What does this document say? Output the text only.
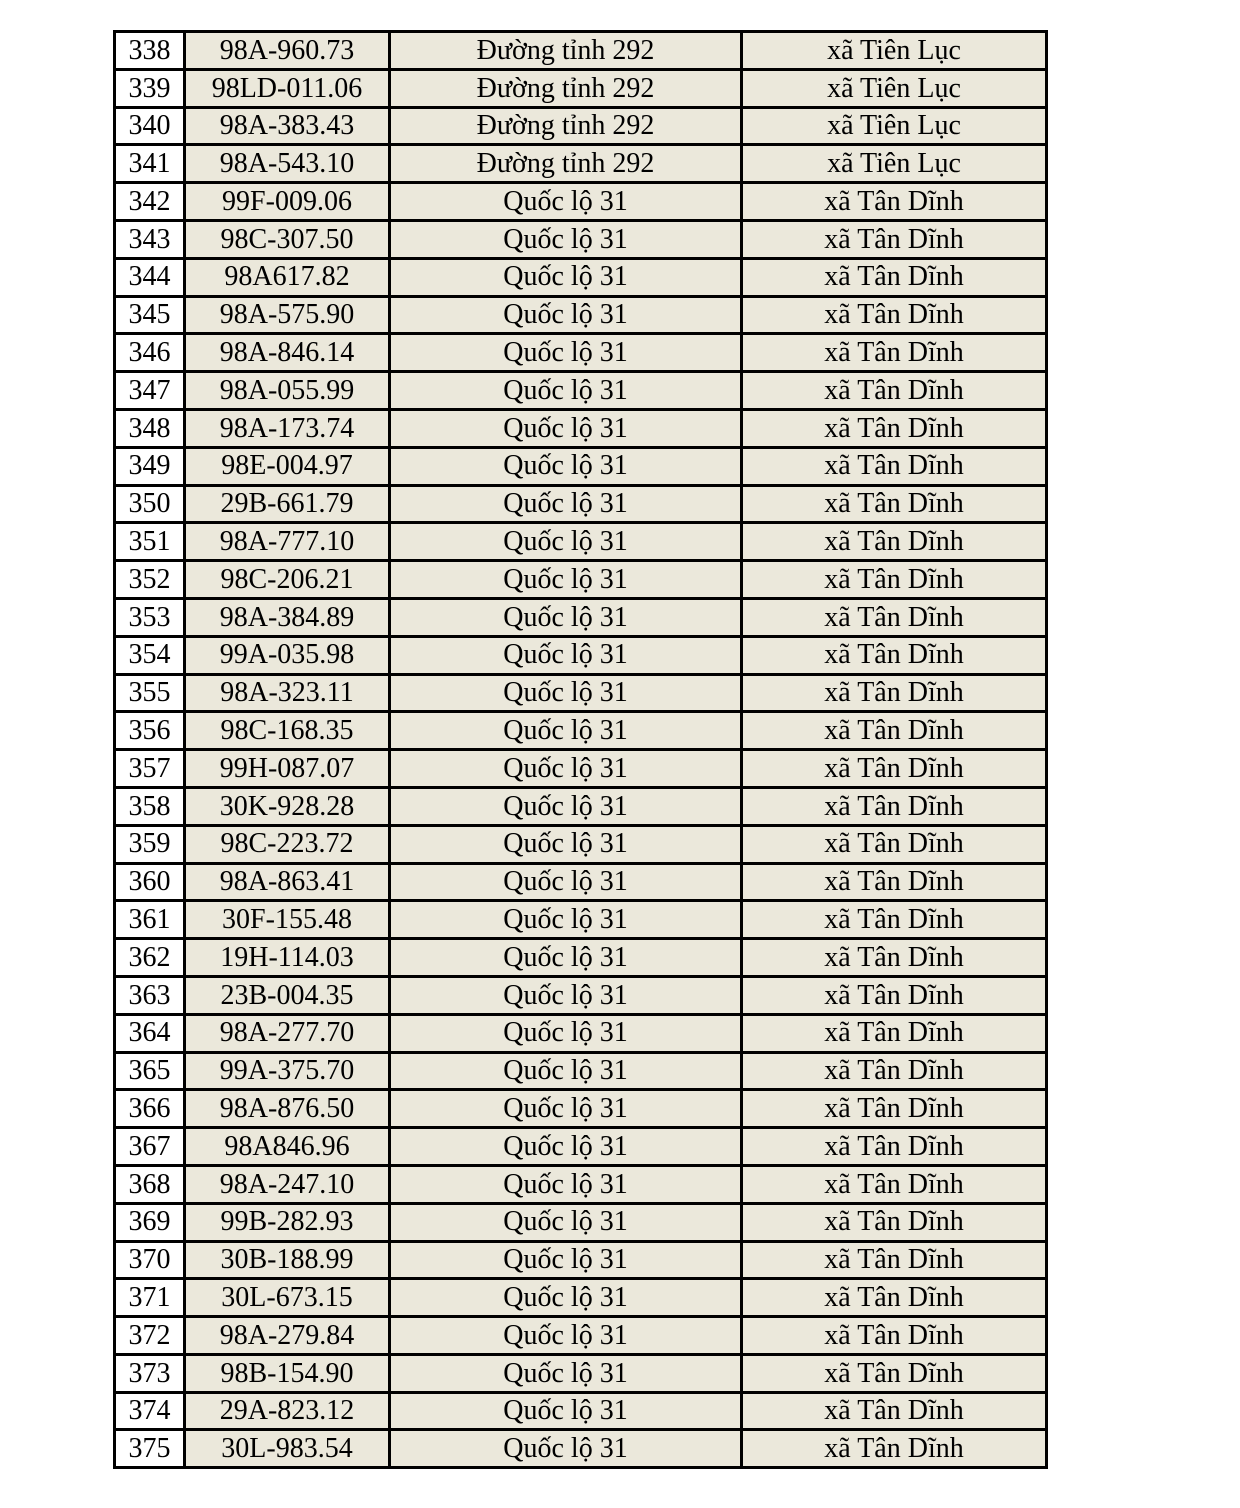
338	98A-960.73	Đường tỉnh 292	xã Tiên Lục
339	98LD-011.06	Đường tỉnh 292	xã Tiên Lục
340	98A-383.43	Đường tỉnh 292	xã Tiên Lục
341	98A-543.10	Đường tỉnh 292	xã Tiên Lục
342	99F-009.06	Quốc lộ 31	xã Tân Dĩnh
343	98C-307.50	Quốc lộ 31	xã Tân Dĩnh
344	98A617.82	Quốc lộ 31	xã Tân Dĩnh
345	98A-575.90	Quốc lộ 31	xã Tân Dĩnh
346	98A-846.14	Quốc lộ 31	xã Tân Dĩnh
347	98A-055.99	Quốc lộ 31	xã Tân Dĩnh
348	98A-173.74	Quốc lộ 31	xã Tân Dĩnh
349	98E-004.97	Quốc lộ 31	xã Tân Dĩnh
350	29B-661.79	Quốc lộ 31	xã Tân Dĩnh
351	98A-777.10	Quốc lộ 31	xã Tân Dĩnh
352	98C-206.21	Quốc lộ 31	xã Tân Dĩnh
353	98A-384.89	Quốc lộ 31	xã Tân Dĩnh
354	99A-035.98	Quốc lộ 31	xã Tân Dĩnh
355	98A-323.11	Quốc lộ 31	xã Tân Dĩnh
356	98C-168.35	Quốc lộ 31	xã Tân Dĩnh
357	99H-087.07	Quốc lộ 31	xã Tân Dĩnh
358	30K-928.28	Quốc lộ 31	xã Tân Dĩnh
359	98C-223.72	Quốc lộ 31	xã Tân Dĩnh
360	98A-863.41	Quốc lộ 31	xã Tân Dĩnh
361	30F-155.48	Quốc lộ 31	xã Tân Dĩnh
362	19H-114.03	Quốc lộ 31	xã Tân Dĩnh
363	23B-004.35	Quốc lộ 31	xã Tân Dĩnh
364	98A-277.70	Quốc lộ 31	xã Tân Dĩnh
365	99A-375.70	Quốc lộ 31	xã Tân Dĩnh
366	98A-876.50	Quốc lộ 31	xã Tân Dĩnh
367	98A846.96	Quốc lộ 31	xã Tân Dĩnh
368	98A-247.10	Quốc lộ 31	xã Tân Dĩnh
369	99B-282.93	Quốc lộ 31	xã Tân Dĩnh
370	30B-188.99	Quốc lộ 31	xã Tân Dĩnh
371	30L-673.15	Quốc lộ 31	xã Tân Dĩnh
372	98A-279.84	Quốc lộ 31	xã Tân Dĩnh
373	98B-154.90	Quốc lộ 31	xã Tân Dĩnh
374	29A-823.12	Quốc lộ 31	xã Tân Dĩnh
375	30L-983.54	Quốc lộ 31	xã Tân Dĩnh
